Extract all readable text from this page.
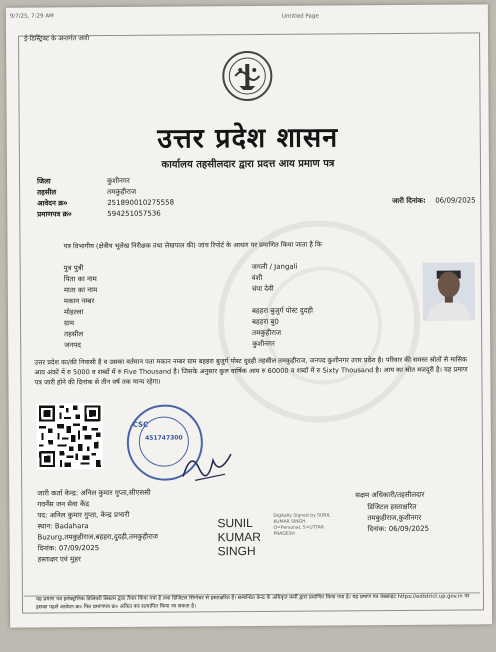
9/7/25, 7:29 AM	Untitled Page
ई-डिस्ट्रिक्ट के अन्तर्गत जारी
उत्तर प्रदेश शासन
कार्यालय तहसीलदार द्वारा प्रदत्त आय प्रमाण पत्र
जिला	कुशीनगर
तहसील	तमकुहीराज
आवेदन क्र०	251890010275558
प्रमाणपत्र क्र०	594251057536
जारी दिनांक: 06/09/2025
पत्र विभागीय (क्षेत्रीय भूलेख निरीक्षक तथा लेखपाल की) जांच रिपोर्ट के आधार पर प्रमाणित किया जाता है कि
पुत्र पुत्री	जगली / Jangali
पिता का नाम	वंशी
माता का नाम	चंपा देवी
मकान नम्बर
मोहल्ला	बहहरा बुजुर्ग पोस्ट दुदही
ग्राम	बहहरा बु0
तहसील	तमकुहीराज
जनपद	कुशीनगर
उत्तर प्रदेश का/की निवासी है व उसका वर्तमान पता मकान नम्बर ग्राम बहहरा बुजुर्ग पोस्ट दुदही तहसील तमकुहीराज, जनपद कुशीनगर उत्तर प्रदेश है। परिवार की समस्त स्रोतों से मासिक आय अंकों में रु 5000 व शब्दों में रु Five Thousand है। जिसके अनुसार कुल वार्षिक आय रु 60000 व शब्दों में रु Sixty Thousand है। आय का स्रोत मजदूरी है। यह प्रमाण पत्र जारी होने की दिनांक से तीन वर्ष तक मान्य रहेगा।
CSC
451747300
जारी कर्ता केन्द्र: अनिल कुमार गुप्ता,सीएससी
गवर्नेंस जन सेवा केंद्र
पद: अनिल कुमार गुप्ता, केन्द्र प्रभारी
स्थान: Badahara
Buzurg,तमकुहीराज,बहहरा,दुदही,तमकुहीराज
दिनांक: 07/09/2025
हस्ताक्षर एवं मुहर
SUNIL KUMAR SINGH
Digitally Signed by SUNIL KUMAR SINGH O=Personal, S=UTTAR PRADESH
सक्षम अधिकारी/तहसीलदार
डिजिटल हस्ताक्षरित
तमकुहीराज,कुशीनगर
दिनांक: 06/09/2025
यह प्रमाण पत्र इलेक्ट्रॉनिक डिलिवरी सिस्टम द्वारा तैयार किया गया है तथा डिजिटल सिग्नेचर से हस्ताक्षरित है। सम्बन्धित केन्द्र के अधिकृत कर्मी द्वारा प्रमाणित किया गया है। यह प्रमाण पत्र वेबसाइट https://edistrict.up.gov.in पर इसका पहले आवेदन क्र० फिर प्रमाणपत्र क्र० अंकित कर सत्यापित किया जा सकता है।
